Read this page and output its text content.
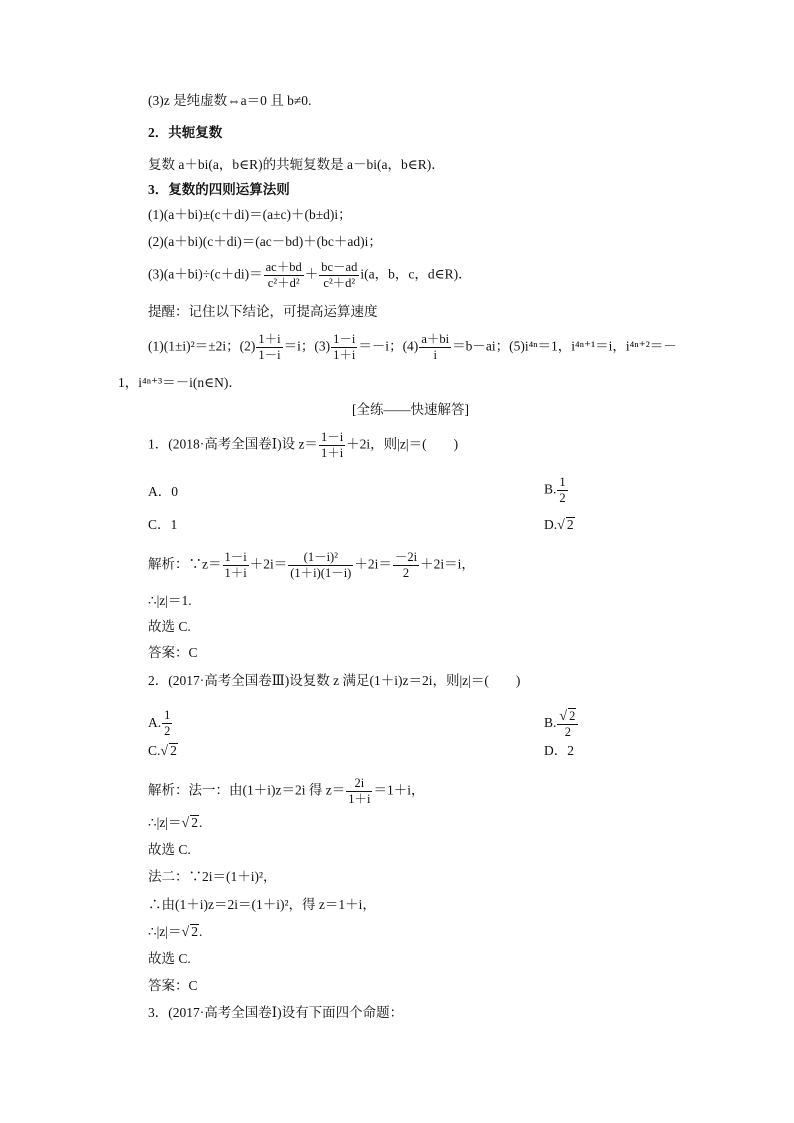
(3)z 是纯虚数⇔a＝0 且 b≠0.
2．共轭复数
复数 a＋bi(a，b∈R)的共轭复数是 a－bi(a，b∈R)．
3．复数的四则运算法则
(1)(a＋bi)±(c＋di)＝(a±c)＋(b±d)i；
(2)(a＋bi)(c＋di)＝(ac－bd)＋(bc＋ad)i；
$(3)(a+bi)\div(c+di)= \frac{ac+bd}{\text{c²＋d²}} + \frac{bc-ad}{\text{c²＋d²}} i(a$，b，c，d∈R)．
提醒：记住以下结论，可提高运算速度
(1)(1±i)²＝±2i；$(2) \frac{1+i}{1-i} =i$；$(3) \frac{1-i}{1+i} =-i$；$(4) \frac{a+bi}{i} =b-ai$；(5)i⁴ⁿ＝1，i⁴ⁿ⁺¹＝i，i⁴ⁿ⁺²＝－
1，i⁴ⁿ⁺³＝－i(n∈N)．
[全练——快速解答]
1．(2018·高考全国卷Ⅰ)设 $z= \frac{1-i}{1+i} +2i$，则|z|＝(　　)
A．0	B. $\frac{1}{2}$
C．1	D.√ 2
解析：∵z＝ $\frac{1-i}{1+i} +2i= \frac{\text{(1－i)²}}{(1+i)(1-i)} +2i= \frac{-2i}{2} +2i=i$，
∴|z|＝1.
故选 C.
答案：C
2．(2017·高考全国卷Ⅲ)设复数 z 满足(1＋i)z＝2i，则|z|＝(　　)
A. $\frac{1}{2}$	B. $\frac{√ 2}{2}$
C.√ 2	D．2
解析：法一：由(1＋i)z＝2i 得 $z= \frac{2i}{1+i} =1+i$，
∴|z|＝√ 2.
故选 C.
法二：∵2i＝(1＋i)²，
∴由(1＋i)z＝2i＝(1＋i)²，得 z＝1＋i，
∴|z|＝√ 2.
故选 C.
答案：C
3．(2017·高考全国卷Ⅰ)设有下面四个命题：
